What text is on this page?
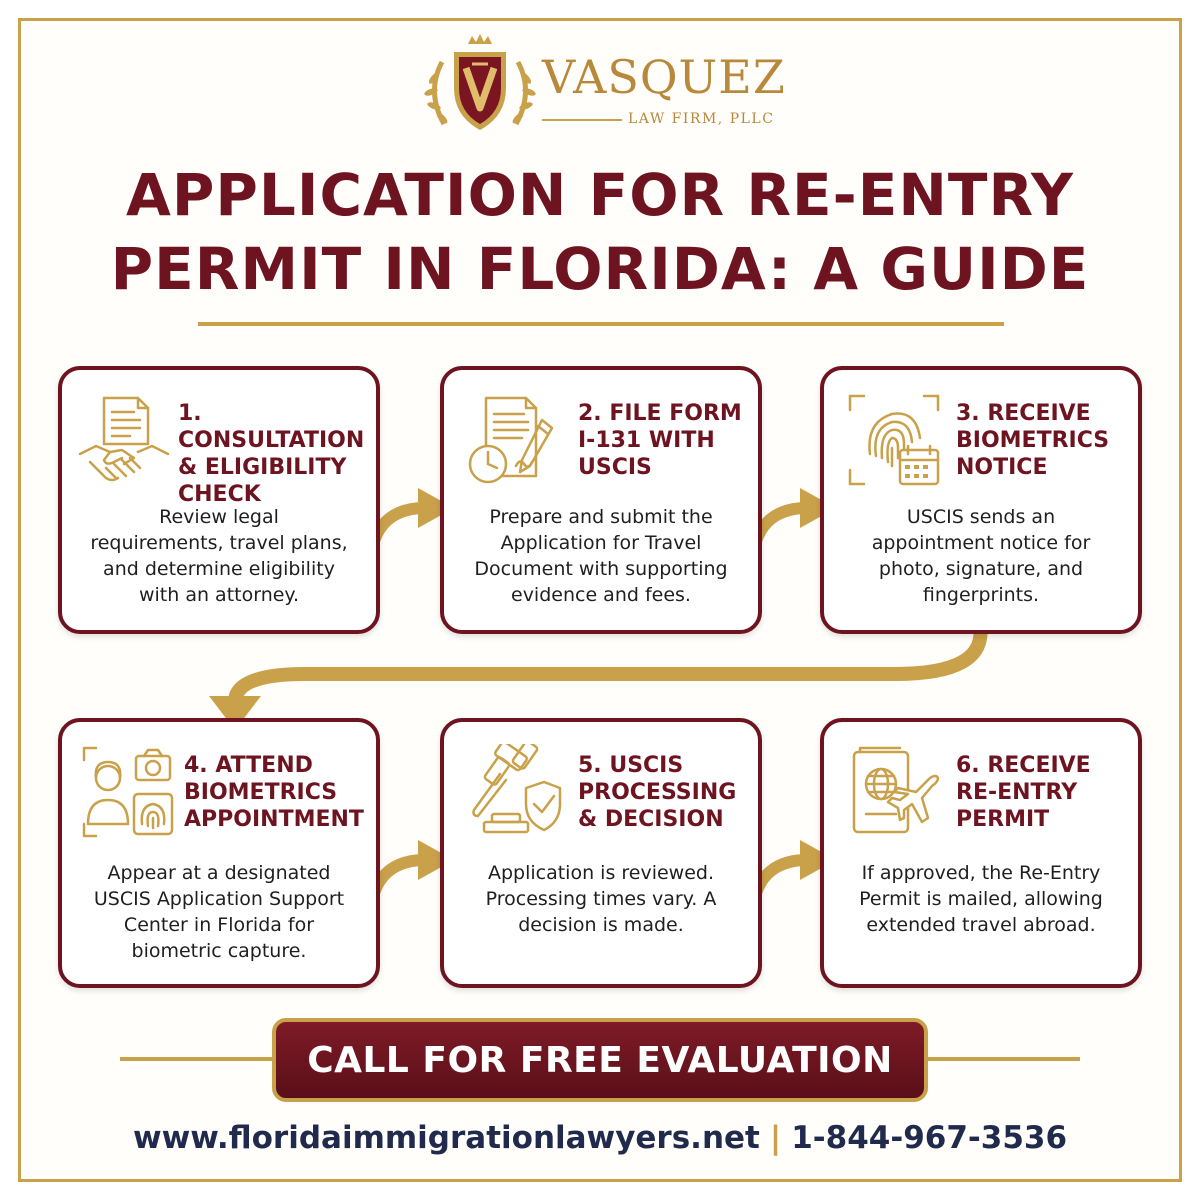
VASQUEZ
LAW FIRM, PLLC
APPLICATION FOR RE-ENTRY
PERMIT IN FLORIDA: A GUIDE
1. CONSULTATION
& ELIGIBILITY
CHECK
Review legal
requirements, travel plans,
and determine eligibility
with an attorney.
2. FILE FORM
I-131 WITH
USCIS
Prepare and submit the
Application for Travel
Document with supporting
evidence and fees.
3. RECEIVE
BIOMETRICS
NOTICE
USCIS sends an
appointment notice for
photo, signature, and
fingerprints.
4. ATTEND
BIOMETRICS
APPOINTMENT
Appear at a designated
USCIS Application Support
Center in Florida for
biometric capture.
5. USCIS
PROCESSING
& DECISION
Application is reviewed.
Processing times vary. A
decision is made.
6. RECEIVE
RE-ENTRY
PERMIT
If approved, the Re-Entry
Permit is mailed, allowing
extended travel abroad.
CALL FOR FREE EVALUATION
www.floridaimmigrationlawyers.net | 1-844-967-3536
